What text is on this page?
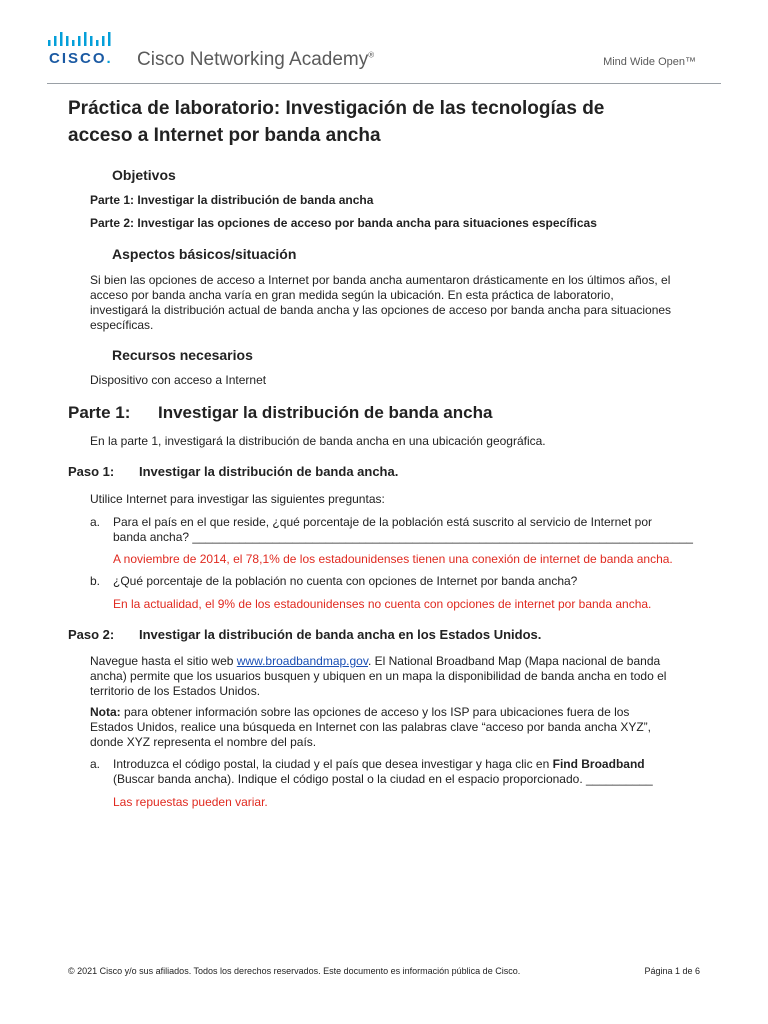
CISCO. Cisco Networking Academy®
Mind Wide Open™
Práctica de laboratorio: Investigación de las tecnologías de
acceso a Internet por banda ancha
Objetivos
Parte 1: Investigar la distribución de banda ancha
Parte 2: Investigar las opciones de acceso por banda ancha para situaciones específicas
Aspectos básicos/situación
Si bien las opciones de acceso a Internet por banda ancha aumentaron drásticamente en los últimos años, el
acceso por banda ancha varía en gran medida según la ubicación. En esta práctica de laboratorio,
investigará la distribución actual de banda ancha y las opciones de acceso por banda ancha para situaciones
específicas.
Recursos necesarios
Dispositivo con acceso a Internet
Parte 1: Investigar la distribución de banda ancha
En la parte 1, investigará la distribución de banda ancha en una ubicación geográfica.
Paso 1: Investigar la distribución de banda ancha.
Utilice Internet para investigar las siguientes preguntas:
a. Para el país en el que reside, ¿qué porcentaje de la población está suscrito al servicio de Internet por
banda ancha? ___________________________________________________________________________
A noviembre de 2014, el 78,1% de los estadounidenses tienen una conexión de internet de banda ancha.
b. ¿Qué porcentaje de la población no cuenta con opciones de Internet por banda ancha?
En la actualidad, el 9% de los estadounidenses no cuenta con opciones de internet por banda ancha.
Paso 2: Investigar la distribución de banda ancha en los Estados Unidos.
Navegue hasta el sitio web www.broadbandmap.gov. El National Broadband Map (Mapa nacional de banda
ancha) permite que los usuarios busquen y ubiquen en un mapa la disponibilidad de banda ancha en todo el
territorio de los Estados Unidos.
Nota: para obtener información sobre las opciones de acceso y los ISP para ubicaciones fuera de los
Estados Unidos, realice una búsqueda en Internet con las palabras clave “acceso por banda ancha XYZ”,
donde XYZ representa el nombre del país.
a. Introduzca el código postal, la ciudad y el país que desea investigar y haga clic en Find Broadband
(Buscar banda ancha). Indique el código postal o la ciudad en el espacio proporcionado. __________
Las repuestas pueden variar.
© 2021 Cisco y/o sus afiliados. Todos los derechos reservados. Este documento es información pública de Cisco.	Página 1 de 6
